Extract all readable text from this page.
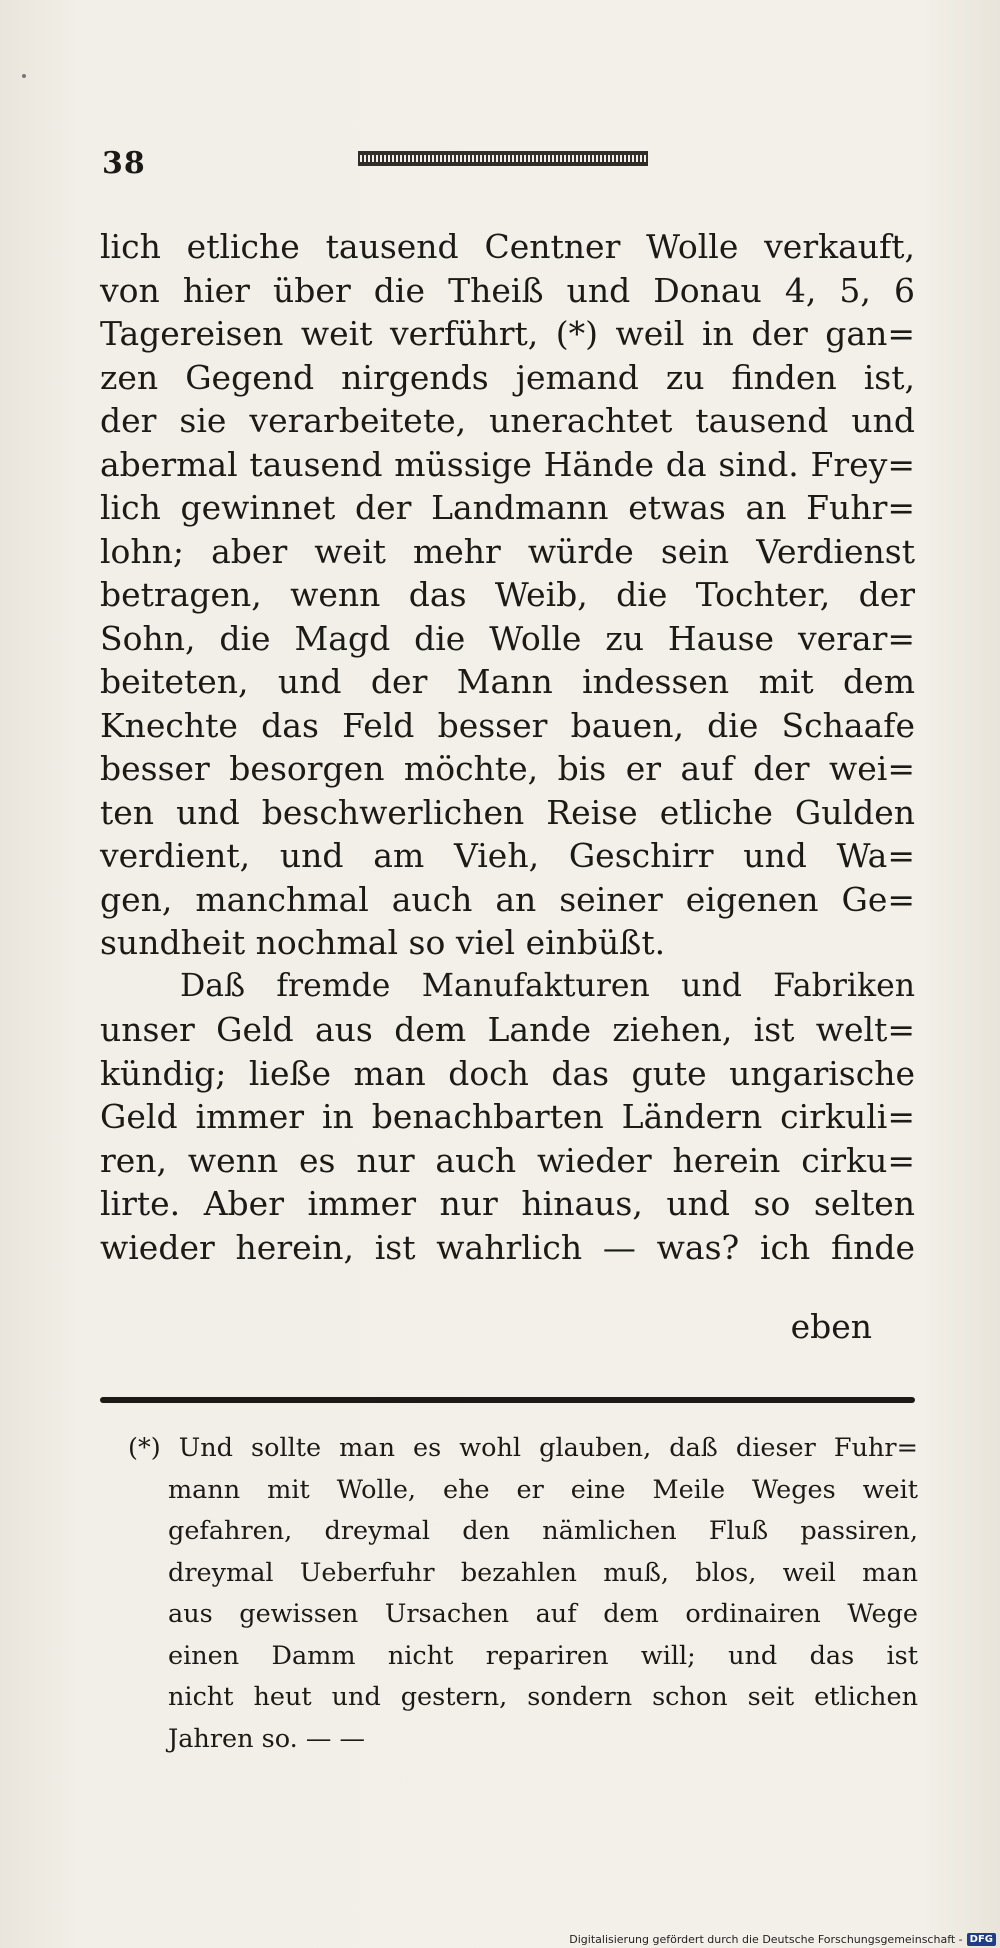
38
lich etliche tausend Centner Wolle verkauft,
von hier über die Theiß und Donau 4, 5, 6
Tagereisen weit verführt, (*) weil in der gan=
zen Gegend nirgends jemand zu finden ist,
der sie verarbeitete, unerachtet tausend und
abermal tausend müssige Hände da sind. Frey=
lich gewinnet der Landmann etwas an Fuhr=
lohn; aber weit mehr würde sein Verdienst
betragen, wenn das Weib, die Tochter, der
Sohn, die Magd die Wolle zu Hause verar=
beiteten, und der Mann indessen mit dem
Knechte das Feld besser bauen, die Schaafe
besser besorgen möchte, bis er auf der wei=
ten und beschwerlichen Reise etliche Gulden
verdient, und am Vieh, Geschirr und Wa=
gen, manchmal auch an seiner eigenen Ge=
sundheit nochmal so viel einbüßt.
Daß fremde Manufakturen und Fabriken
unser Geld aus dem Lande ziehen, ist welt=
kündig; ließe man doch das gute ungarische
Geld immer in benachbarten Ländern cirkuli=
ren, wenn es nur auch wieder herein cirku=
lirte. Aber immer nur hinaus, und so selten
wieder herein, ist wahrlich — was? ich finde
eben
(*) Und sollte man es wohl glauben, daß dieser Fuhr=
mann mit Wolle, ehe er eine Meile Weges weit
gefahren, dreymal den nämlichen Fluß passiren,
dreymal Ueberfuhr bezahlen muß, blos, weil man
aus gewissen Ursachen auf dem ordinairen Wege
einen Damm nicht repariren will; und das ist
nicht heut und gestern, sondern schon seit etlichen
Jahren so. — —
Digitalisierung gefördert durch die Deutsche Forschungsgemeinschaft - DFG
